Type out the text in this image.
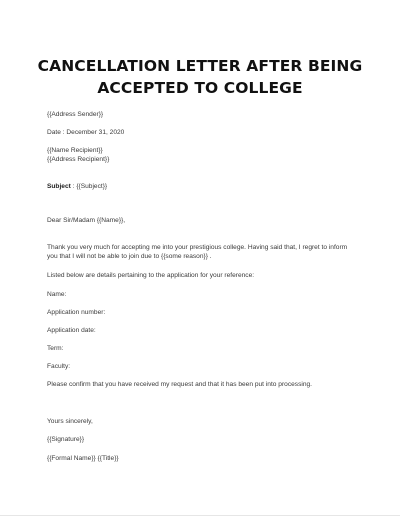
CANCELLATION LETTER AFTER BEING
ACCEPTED TO COLLEGE
{{Address Sender}}
Date : December 31, 2020
{{Name Recipient}}
{{Address Recipient}}
Subject : {{Subject}}
Dear Sir/Madam {{Name}},
Thank you very much for accepting me into your prestigious college. Having said that, I regret to inform
you that I will not be able to join due to {{some reason}} .
Listed below are details pertaining to the application for your reference:
Name:
Application number:
Application date:
Term:
Faculty:
Please confirm that you have received my request and that it has been put into processing.
Yours sincerely,
{{Signature}}
{{Formal Name}} {{Title}}
